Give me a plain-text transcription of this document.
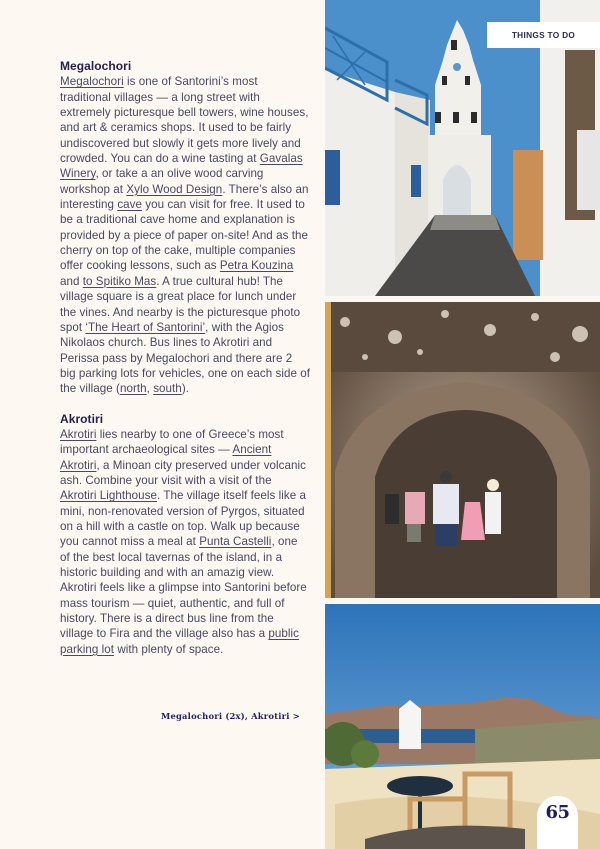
Megalochori

Megalochori is one of Santorini’s most traditional villages — a long street with extremely picturesque bell towers, wine houses, and art & ceramics shops. It used to be fairly undiscovered but slowly it gets more lively and crowded. You can do a wine tasting at Gavalas Winery, or take a an olive wood carving workshop at Xylo Wood Design. There’s also an interesting cave you can visit for free. It used to be a traditional cave home and explanation is provided by a piece of paper on-site! And as the cherry on top of the cake, multiple companies offer cooking lessons, such as Petra Kouzina and to Spitiko Mas. A true cultural hub! The village square is a great place for lunch under the vines. And nearby is the picturesque photo spot ‘The Heart of Santorini’, with the Agios Nikolaos church. Bus lines to Akrotiri and Perissa pass by Megalochori and there are 2 big parking lots for vehicles, one on each side of the village (north, south).

Akrotiri

Akrotiri lies nearby to one of Greece’s most important archaeological sites — Ancient Akrotiri, a Minoan city preserved under volcanic ash. Combine your visit with a visit of the Akrotiri Lighthouse. The village itself feels like a mini, non-renovated version of Pyrgos, situated on a hill with a castle on top. Walk up because you cannot miss a meal at Punta Castelli, one of the best local tavernas of the island, in a historic building and with an amazig view. Akrotiri feels like a glimpse into Santorini before mass tourism — quiet, authentic, and full of history. There is a direct bus line from the village to Fira and the village also has a public parking lot with plenty of space.

Megalochori (2x), Akrotiri >
THINGS TO DO
65
